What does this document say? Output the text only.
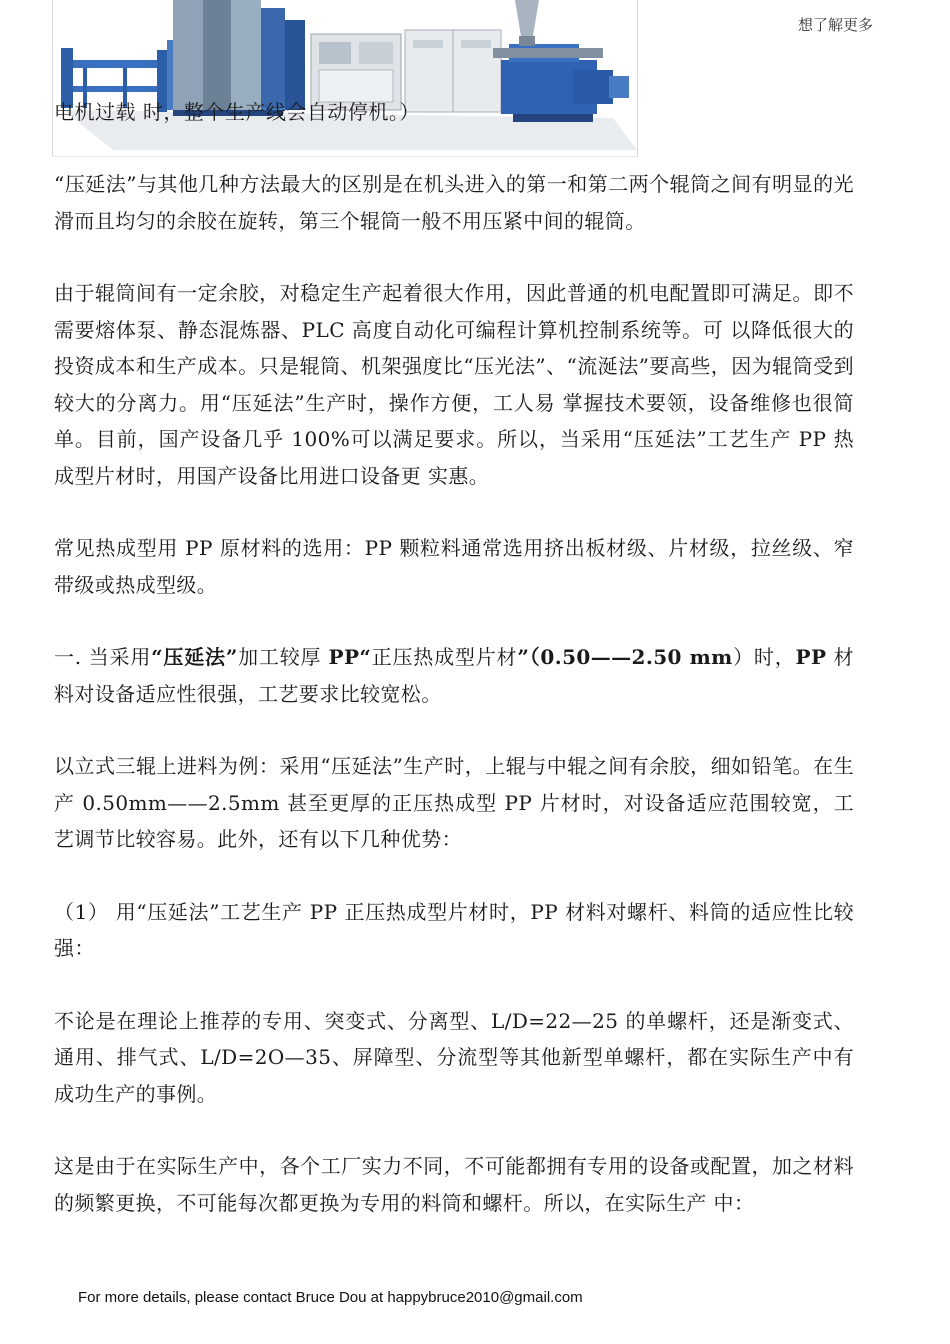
想了解更多
电机过载 时，整个生产线会自动停机。）

“压延法”与其他几种方法最大的区别是在机头进入的第一和第二两个辊筒之间有明显的光滑而且均匀的余胶在旋转，第三个辊筒一般不用压紧中间的辊筒。

由于辊筒间有一定余胶，对稳定生产起着很大作用，因此普通的机电配置即可满足。即不需要熔体泵、静态混炼器、PLC 高度自动化可编程计算机控制系统等。可 以降低很大的投资成本和生产成本。只是辊筒、机架强度比“压光法”、“流涎法”要高些，因为辊筒受到较大的分离力。用“压延法”生产时，操作方便，工人易 掌握技术要领，设备维修也很简单。目前，国产设备几乎 100%可以满足要求。所以，当采用“压延法”工艺生产 PP 热成型片材时，用国产设备比用进口设备更 实惠。

常见热成型用 PP 原材料的选用：PP 颗粒料通常选用挤出板材级、片材级，拉丝级、窄带级或热成型级。

一. 当采用“压延法”加工较厚 PP“正压热成型片材”（0.50——2.50 mm）时，PP 材料对设备适应性很强，工艺要求比较宽松。

以立式三辊上进料为例：采用“压延法”生产时，上辊与中辊之间有余胶，细如铅笔。在生产 0.50mm——2.5mm 甚至更厚的正压热成型 PP 片材时，对设备适应范围较宽，工艺调节比较容易。此外，还有以下几种优势：

（1） 用“压延法”工艺生产 PP 正压热成型片材时，PP 材料对螺杆、料筒的适应性比较强：

不论是在理论上推荐的专用、突变式、分离型、L/D=22—25 的单螺杆，还是渐变式、通用、排气式、L/D=2O—35、屏障型、分流型等其他新型单螺杆，都在实际生产中有成功生产的事例。

这是由于在实际生产中，各个工厂实力不同，不可能都拥有专用的设备或配置，加之材料的频繁更换，不可能每次都更换为专用的料筒和螺杆。所以，在实际生产 中：

For more details, please contact Bruce Dou at happybruce2010@gmail.com
